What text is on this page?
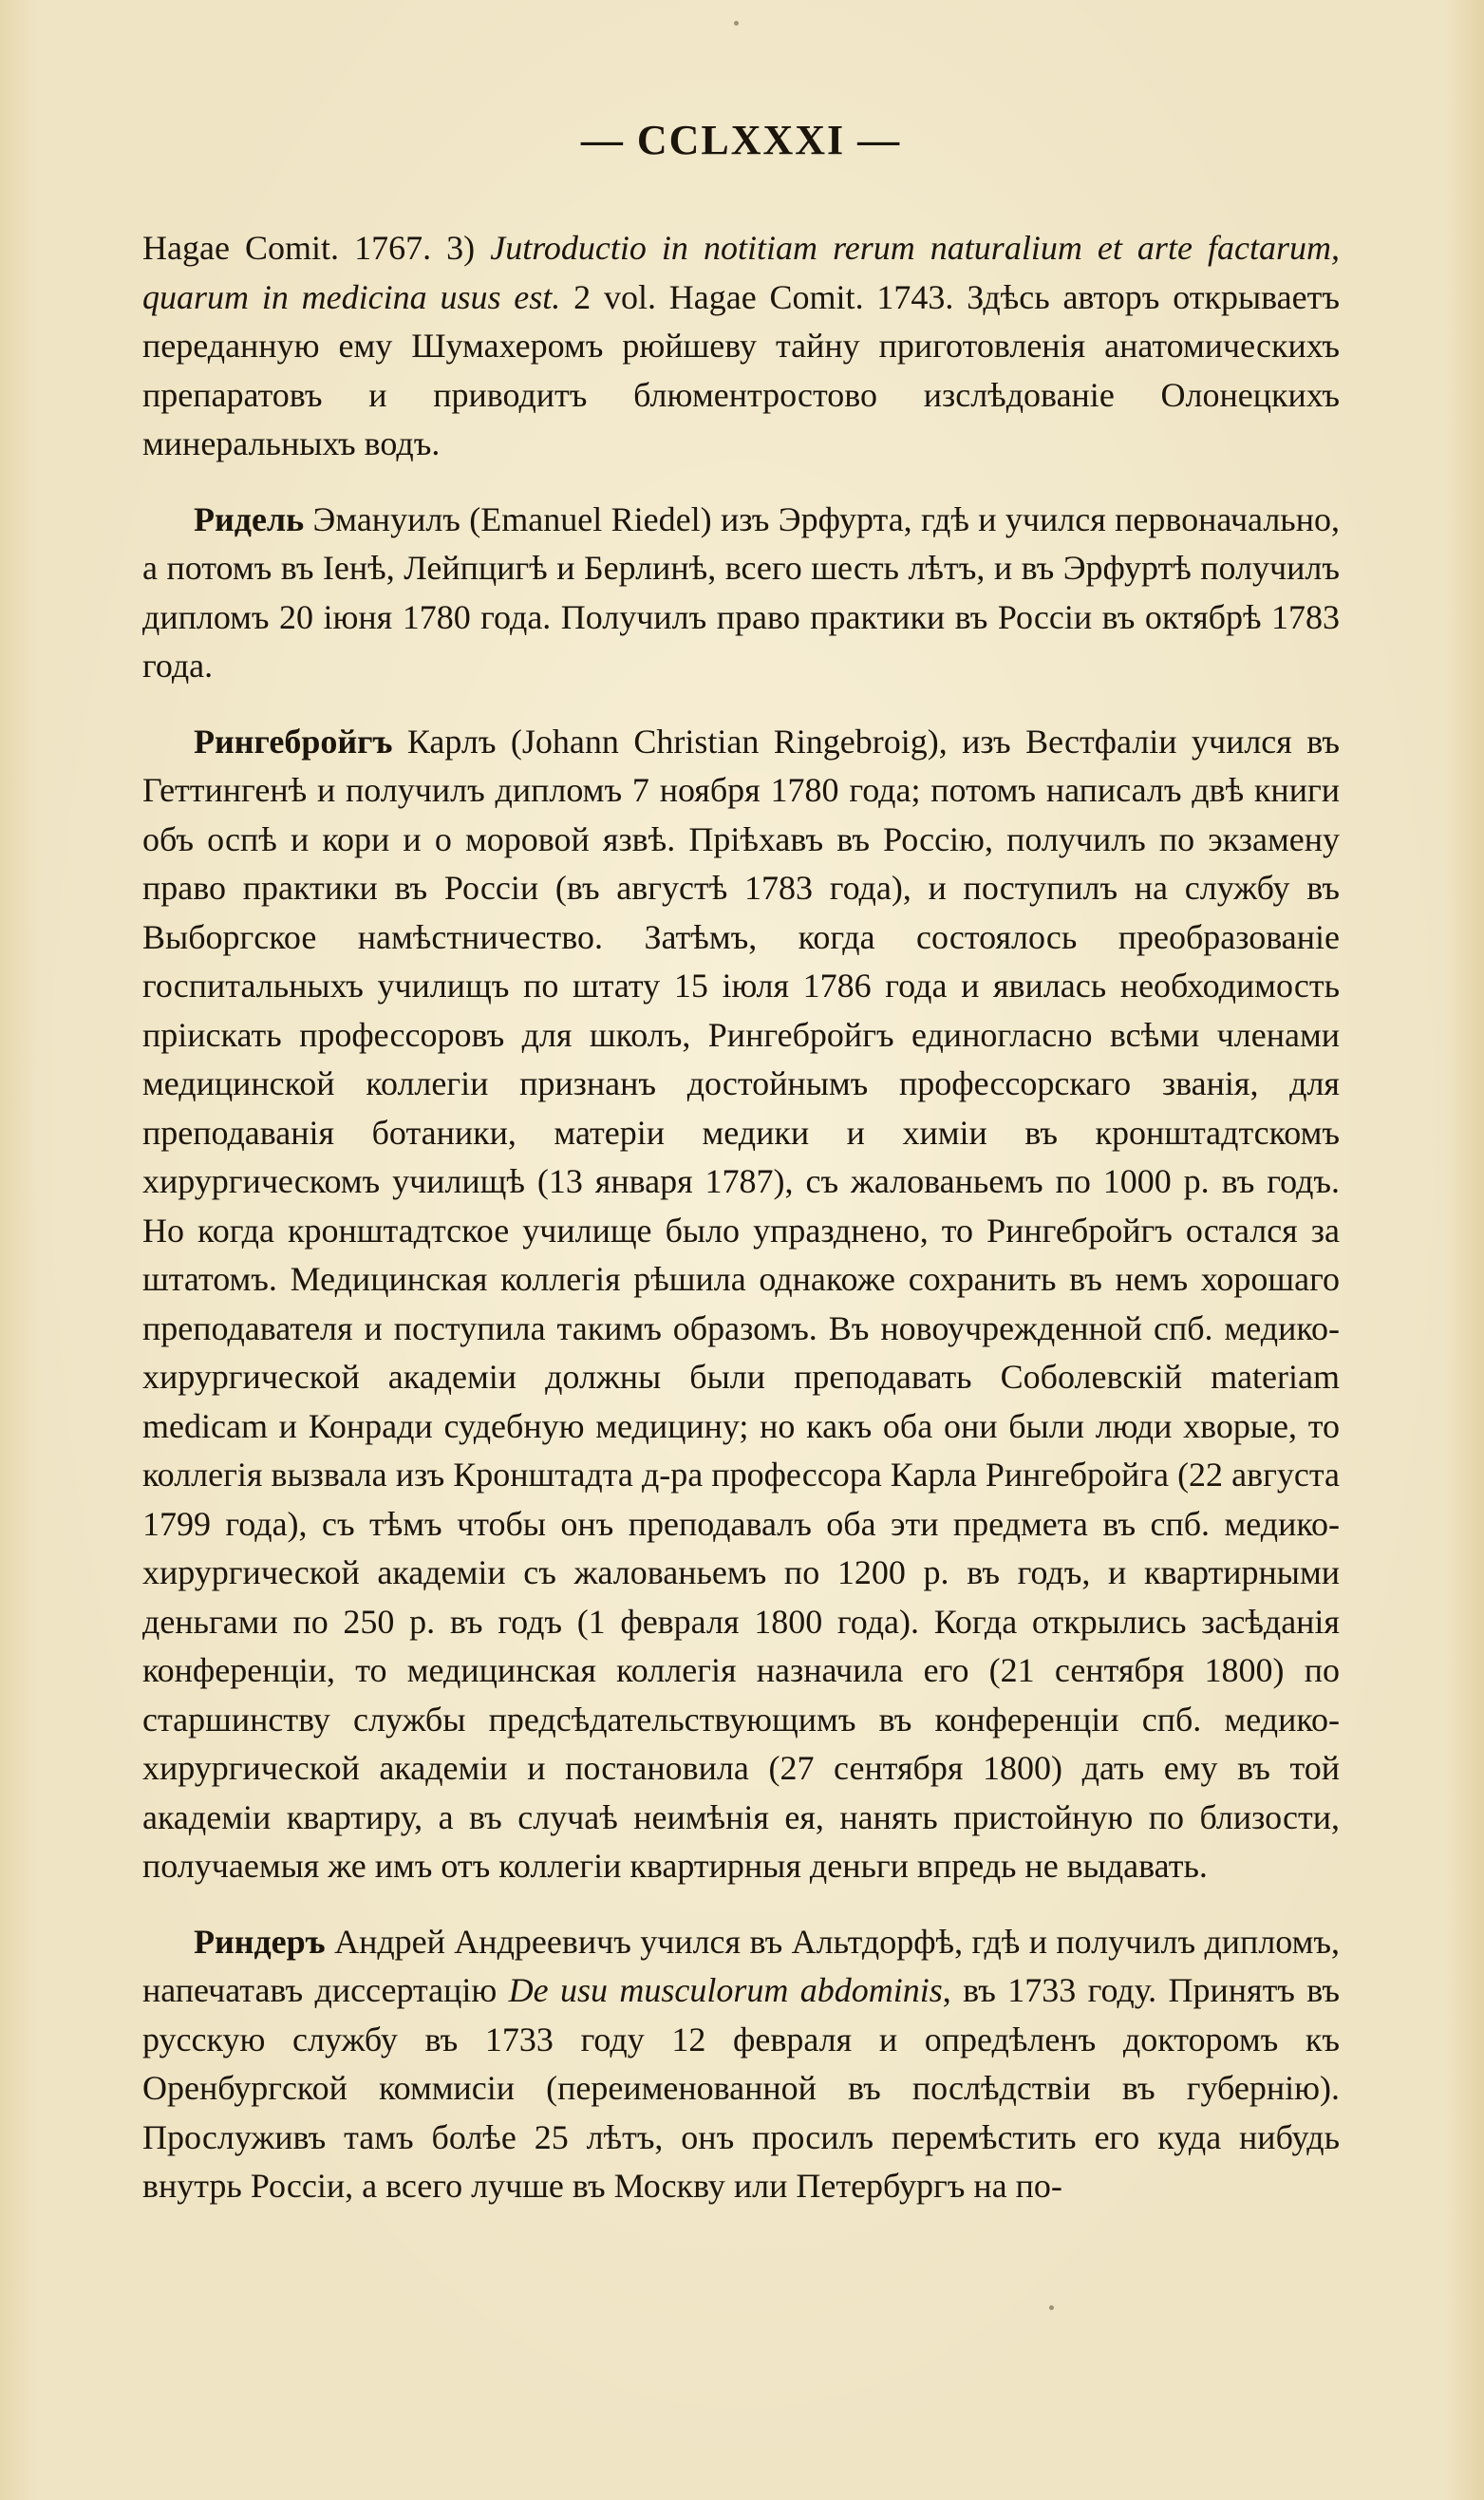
— CCLXXXI —

Hagae Comit. 1767. 3) Jutroductio in notitiam rerum naturalium et arte factarum, quarum in medicina usus est. 2 vol. Hagae Comit. 1743. Здѣсь авторъ открываетъ переданную ему Шумахеромъ рюйшеву тайну приготовленія анатомическихъ препаратовъ и приводитъ блюментростово изслѣдованіе Олонецкихъ минеральныхъ водъ.

Ридель Эмануилъ (Emanuel Riedel) изъ Эрфурта, гдѣ и учился первоначально, а потомъ въ Іенѣ, Лейпцигѣ и Берлинѣ, всего шесть лѣтъ, и въ Эрфуртѣ получилъ дипломъ 20 іюня 1780 года. Получилъ право практики въ Россіи въ октябрѣ 1783 года.

Рингебройгъ Карлъ (Johann Christian Ringebroig), изъ Вестфаліи учился въ Геттингенѣ и получилъ дипломъ 7 ноября 1780 года; потомъ написалъ двѣ книги объ оспѣ и кори и о моровой язвѣ. Пріѣхавъ въ Россію, получилъ по экзамену право практики въ Россіи (въ августѣ 1783 года), и поступилъ на службу въ Выборгское намѣстничество. Затѣмъ, когда состоялось преобразованіе госпитальныхъ училищъ по штату 15 іюля 1786 года и явилась необходимость пріискать профессоровъ для школъ, Рингебройгъ единогласно всѣми членами медицинской коллегіи признанъ достойнымъ профессорскаго званія, для преподаванія ботаники, матеріи медики и химіи въ кронштадтскомъ хирургическомъ училищѣ (13 января 1787), съ жалованьемъ по 1000 р. въ годъ. Но когда кронштадтское училище было упразднено, то Рингебройгъ остался за штатомъ. Медицинская коллегія рѣшила однакоже сохранить въ немъ хорошаго преподавателя и поступила такимъ образомъ. Въ новоучрежденной спб. медико-хирургической академіи должны были преподавать Соболевскій materiam medicam и Конради судебную медицину; но какъ оба они были люди хворые, то коллегія вызвала изъ Кронштадта д-ра профессора Карла Рингебройга (22 августа 1799 года), съ тѣмъ чтобы онъ преподавалъ оба эти предмета въ спб. медико-хирургической академіи съ жалованьемъ по 1200 р. въ годъ, и квартирными деньгами по 250 р. въ годъ (1 февраля 1800 года). Когда открылись засѣданія конференціи, то медицинская коллегія назначила его (21 сентября 1800) по старшинству службы предсѣдательствующимъ въ конференціи спб. медико-хирургической академіи и постановила (27 сентября 1800) дать ему въ той академіи квартиру, а въ случаѣ неимѣнія ея, нанять пристойную по близости, получаемыя же имъ отъ коллегіи квартирныя деньги впредь не выдавать.

Риндеръ Андрей Андреевичъ учился въ Альтдорфѣ, гдѣ и получилъ дипломъ, напечатавъ диссертацію De usu musculorum abdominis, въ 1733 году. Принятъ въ русскую службу въ 1733 году 12 февраля и опредѣленъ докторомъ къ Оренбургской коммисіи (переименованной въ послѣдствіи въ губернію). Прослуживъ тамъ болѣе 25 лѣтъ, онъ просилъ перемѣстить его куда нибудь внутрь Россіи, а всего лучше въ Москву или Петербургъ на по-
